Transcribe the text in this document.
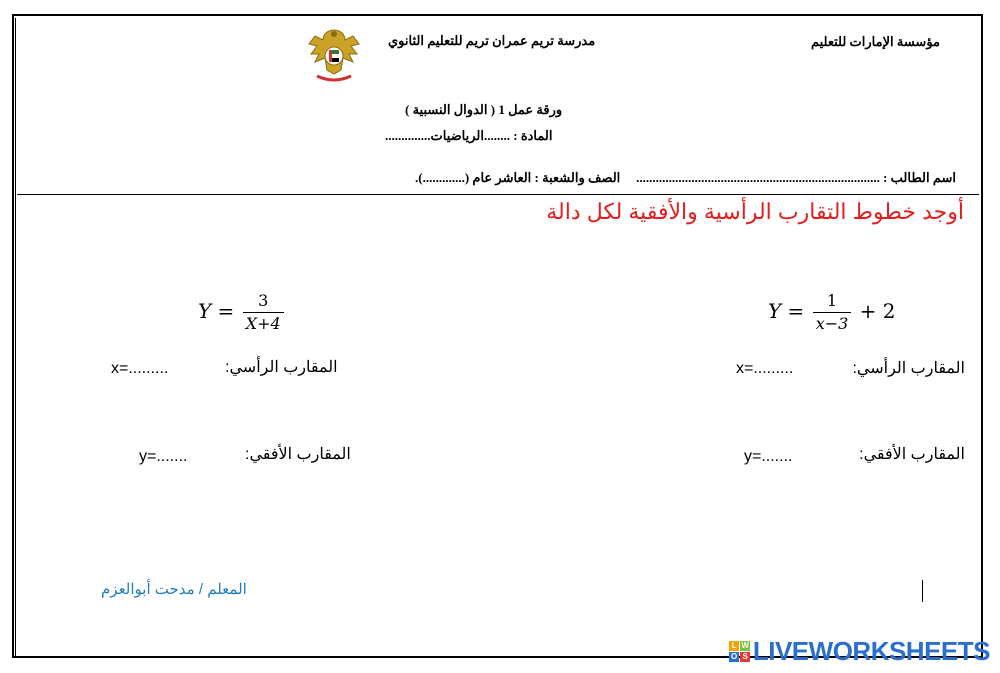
مؤسسة الإمارات للتعليم
مدرسة تريم عمران تريم للتعليم الثانوي
ورقة عمل 1 ( الدوال النسبية )
المادة : ........الرياضيات..............
اسم الطالب : ...........................................................................
الصف والشعبة : العاشر عام (.............).
أوجد خطوط التقارب الرأسية والأفقية لكل دالة
$Y = \frac{1}{x-3} + 2$
المقارب الرأسي:
x=.........
المقارب الأفقي:
y=.......
$Y = \frac{3}{X+4}$
المقارب الرأسي:
x=.........
المقارب الأفقي:
y=.......
المعلم / مدحت أبوالعزم
L W
O S LIVEWORKSHEETS
